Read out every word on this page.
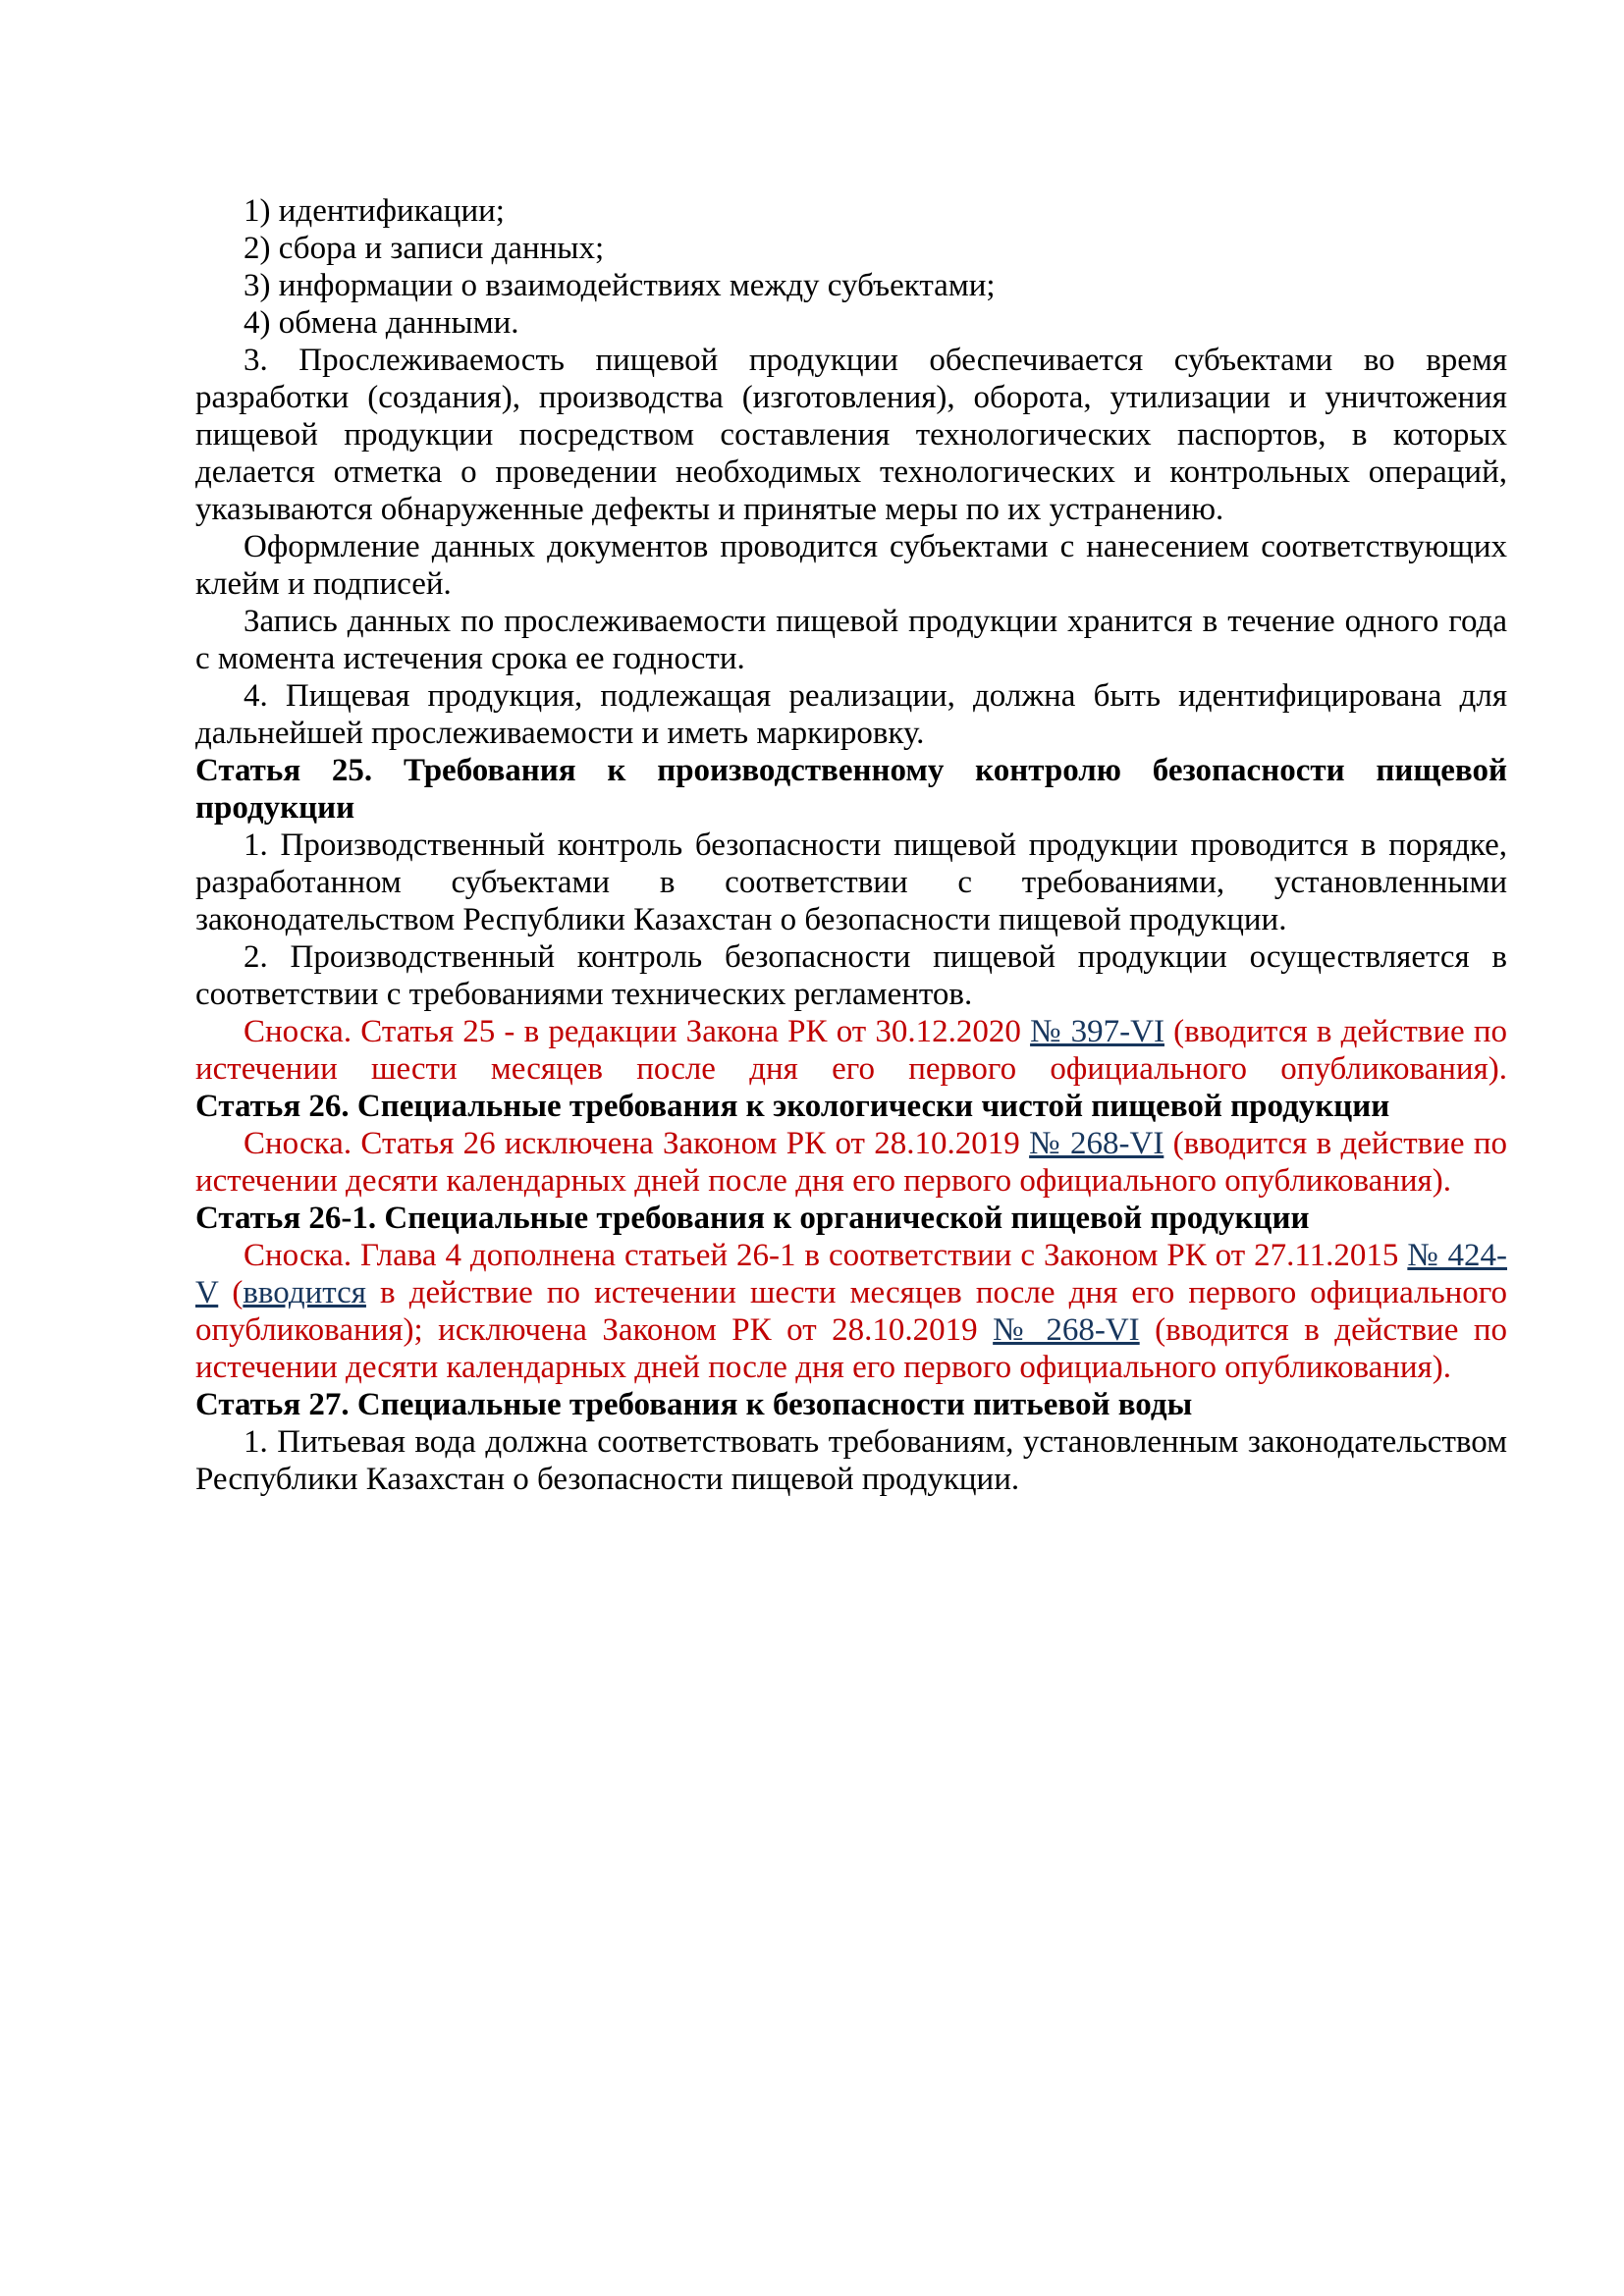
1) идентификации;

2) сбора и записи данных;

3) информации о взаимодействиях между субъектами;

4) обмена данными.

3. Прослеживаемость пищевой продукции обеспечивается субъектами во время разработки (создания), производства (изготовления), оборота, утилизации и уничтожения пищевой продукции посредством составления технологических паспортов, в которых делается отметка о проведении необходимых технологических и контрольных операций, указываются обнаруженные дефекты и принятые меры по их устранению.

Оформление данных документов проводится субъектами с нанесением соответствующих клейм и подписей.

Запись данных по прослеживаемости пищевой продукции хранится в течение одного года с момента истечения срока ее годности.

4. Пищевая продукция, подлежащая реализации, должна быть идентифицирована для дальнейшей прослеживаемости и иметь маркировку.

Статья 25. Требования к производственному контролю безопасности пищевой продукции

1. Производственный контроль безопасности пищевой продукции проводится в порядке, разработанном субъектами в соответствии с требованиями, установленными законодательством Республики Казахстан о безопасности пищевой продукции.

2. Производственный контроль безопасности пищевой продукции осуществляется в соответствии с требованиями технических регламентов.

Сноска. Статья 25 - в редакции Закона РК от 30.12.2020 № 397-VI (вводится в действие по истечении шести месяцев после дня его первого официального опубликования).

Статья 26. Специальные требования к экологически чистой пищевой продукции

Сноска. Статья 26 исключена Законом РК от 28.10.2019 № 268-VI (вводится в действие по истечении десяти календарных дней после дня его первого официального опубликования).

Статья 26-1. Специальные требования к органической пищевой продукции

Сноска. Глава 4 дополнена статьей 26-1 в соответствии с Законом РК от 27.11.2015 № 424-V (вводится в действие по истечении шести месяцев после дня его первого официального опубликования); исключена Законом РК от 28.10.2019 № 268-VI (вводится в действие по истечении десяти календарных дней после дня его первого официального опубликования).

Статья 27. Специальные требования к безопасности питьевой воды

1. Питьевая вода должна соответствовать требованиям, установленным законодательством Республики Казахстан о безопасности пищевой продукции.
